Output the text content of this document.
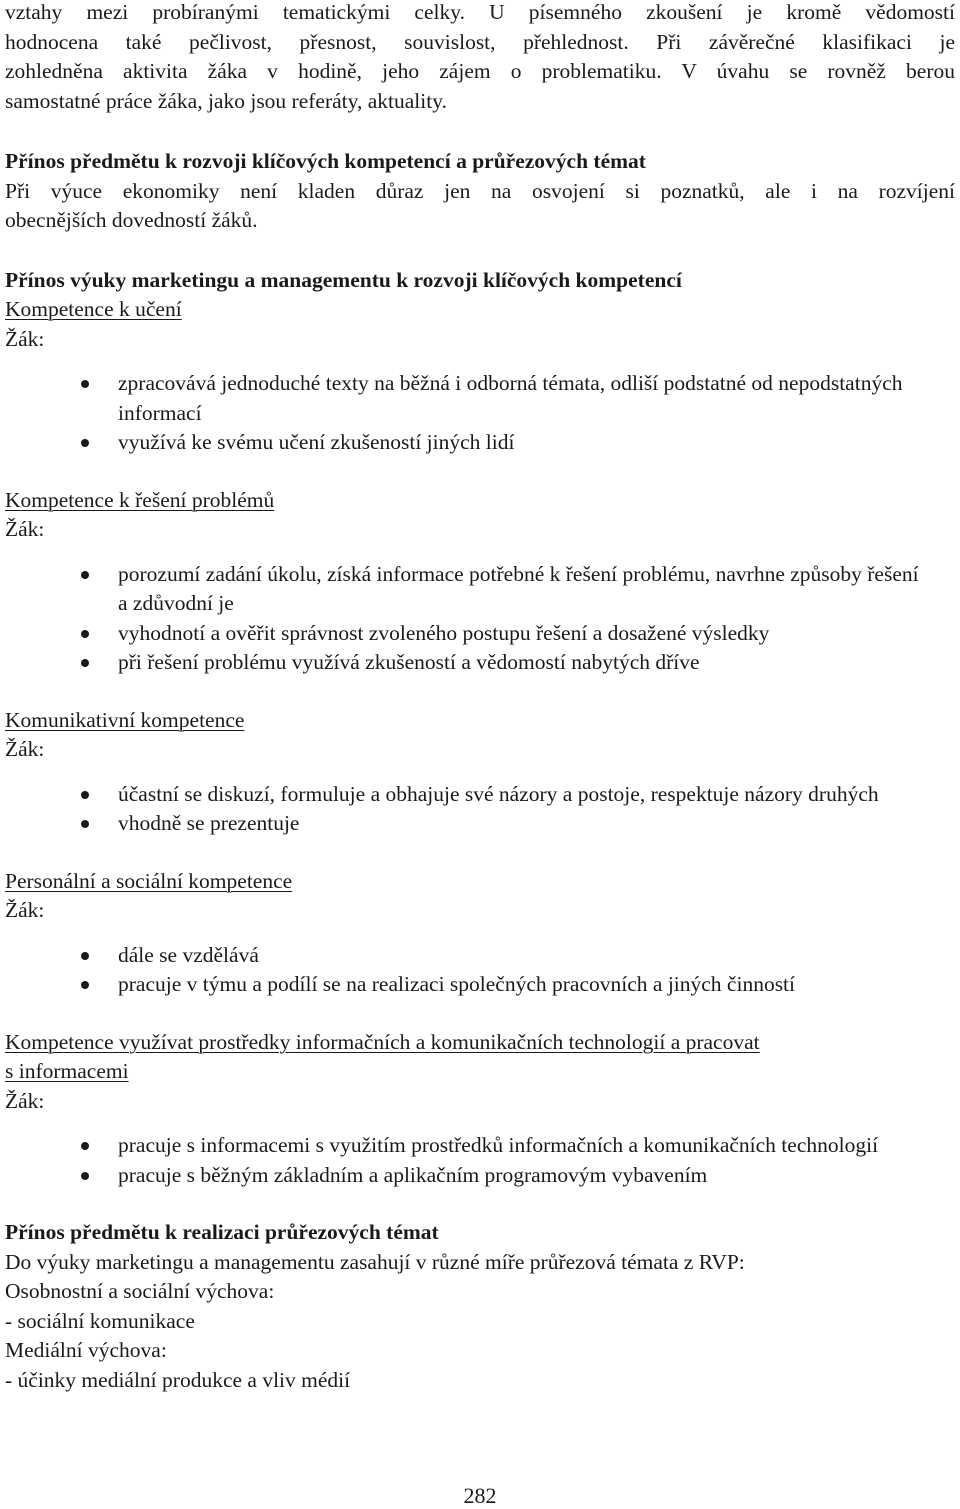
vztahy mezi probíranými tematickými celky. U písemného zkoušení je kromě vědomostí

hodnocena také pečlivost, přesnost, souvislost, přehlednost. Při závěrečné klasifikaci je

zohledněna aktivita žáka v hodině, jeho zájem o problematiku. V úvahu se rovněž berou

samostatné práce žáka, jako jsou referáty, aktuality.

Přínos předmětu k rozvoji klíčových kompetencí a průřezových témat

Při výuce ekonomiky není kladen důraz jen na osvojení si poznatků, ale i na rozvíjení

obecnějších dovedností žáků.

Přínos výuky marketingu a managementu k rozvoji klíčových kompetencí

Kompetence k učení

Žák:

zpracovává jednoduché texty na běžná i odborná témata, odliší podstatné od nepodstatných informací
využívá ke svému učení zkušeností jiných lidí

Kompetence k řešení problémů

Žák:

porozumí zadání úkolu, získá informace potřebné k řešení problému, navrhne způsoby řešení a zdůvodní je
vyhodnotí a ověřit správnost zvoleného postupu řešení a dosažené výsledky
při řešení problému využívá zkušeností a vědomostí nabytých dříve

Komunikativní kompetence

Žák:

účastní se diskuzí, formuluje a obhajuje své názory a postoje, respektuje názory druhých
vhodně se prezentuje

Personální a sociální kompetence

Žák:

dále se vzdělává
pracuje v týmu a podílí se na realizaci společných pracovních a jiných činností

Kompetence využívat prostředky informačních a komunikačních technologií a pracovat

s informacemi

Žák:

pracuje s informacemi s využitím prostředků informačních a komunikačních technologií
pracuje s běžným základním a aplikačním programovým vybavením

Přínos předmětu k realizaci průřezových témat

Do výuky marketingu a managementu zasahují v různé míře průřezová témata z RVP:

Osobnostní a sociální výchova:

- sociální komunikace

Mediální výchova:

- účinky mediální produkce a vliv médií

282
